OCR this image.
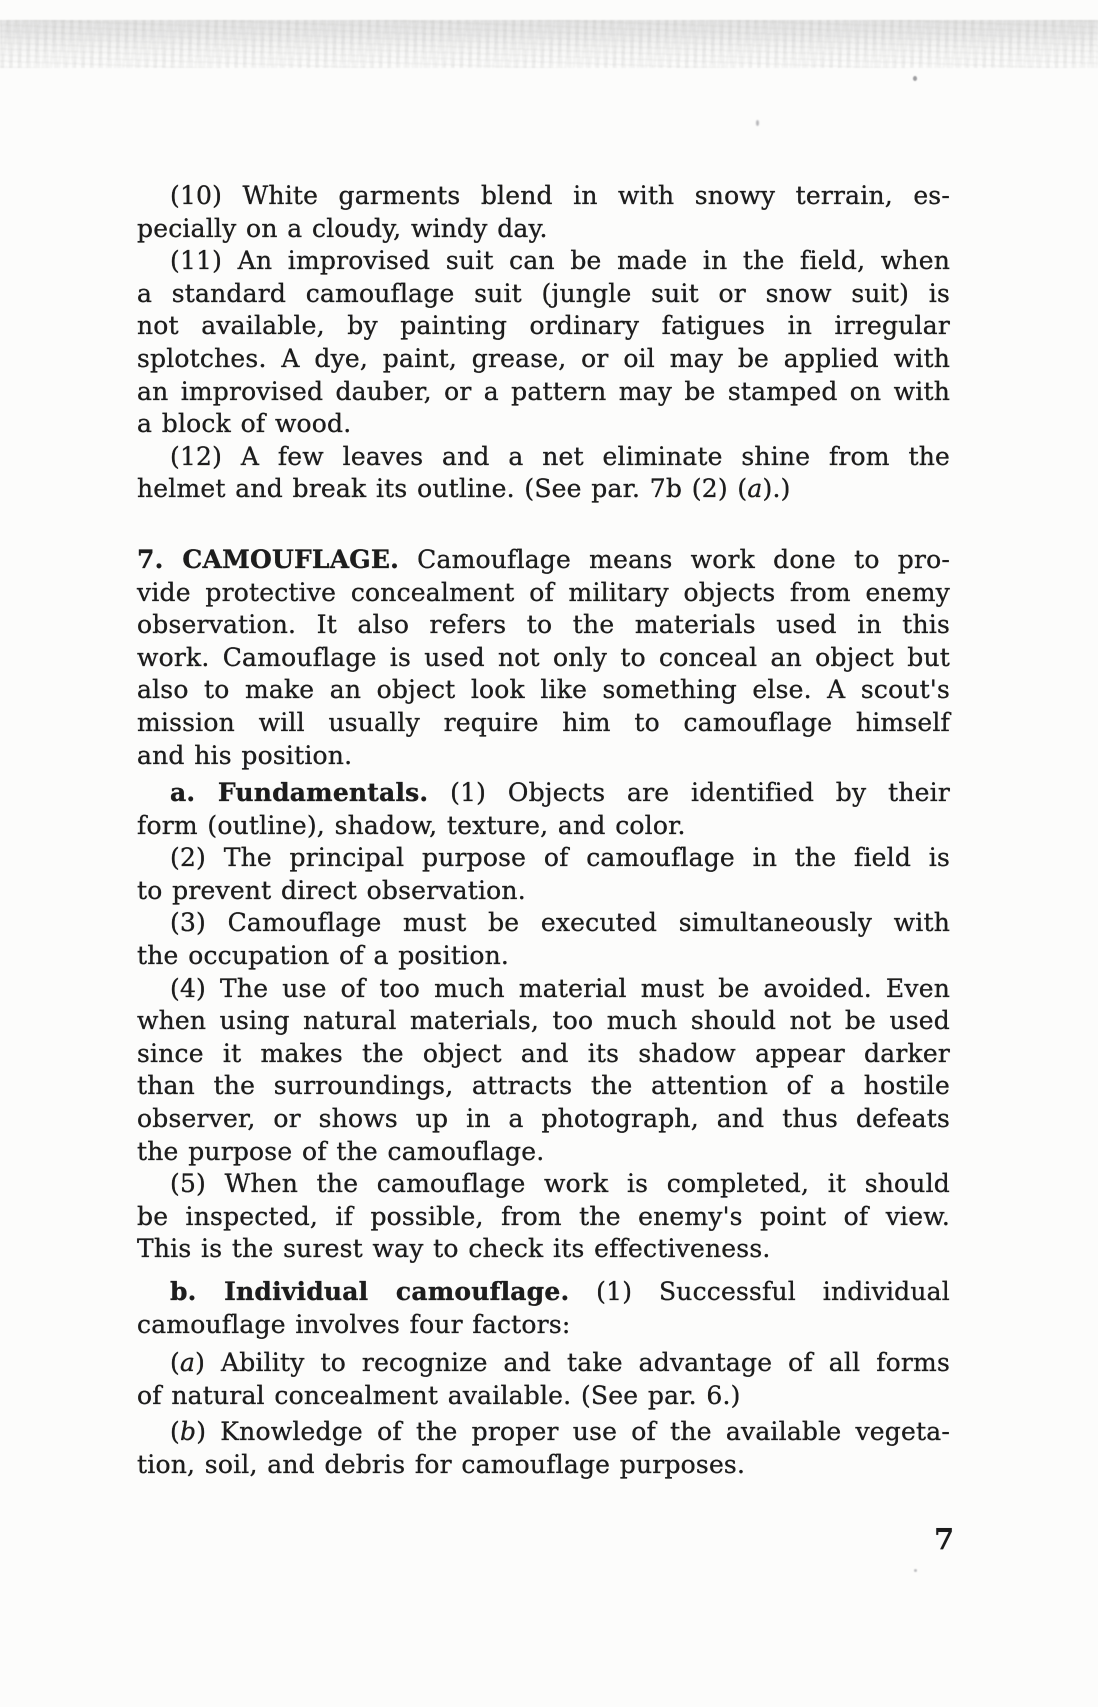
(10) White garments blend in with snowy terrain, es-
pecially on a cloudy, windy day.
(11) An improvised suit can be made in the field, when
a standard camouflage suit (jungle suit or snow suit) is
not available, by painting ordinary fatigues in irregular
splotches. A dye, paint, grease, or oil may be applied with
an improvised dauber, or a pattern may be stamped on with
a block of wood.
(12) A few leaves and a net eliminate shine from the
helmet and break its outline. (See par. 7b (2) (a).)
7. CAMOUFLAGE. Camouflage means work done to pro-
vide protective concealment of military objects from enemy
observation. It also refers to the materials used in this
work. Camouflage is used not only to conceal an object but
also to make an object look like something else. A scout's
mission will usually require him to camouflage himself
and his position.
a. Fundamentals. (1) Objects are identified by their
form (outline), shadow, texture, and color.
(2) The principal purpose of camouflage in the field is
to prevent direct observation.
(3) Camouflage must be executed simultaneously with
the occupation of a position.
(4) The use of too much material must be avoided. Even
when using natural materials, too much should not be used
since it makes the object and its shadow appear darker
than the surroundings, attracts the attention of a hostile
observer, or shows up in a photograph, and thus defeats
the purpose of the camouflage.
(5) When the camouflage work is completed, it should
be inspected, if possible, from the enemy's point of view.
This is the surest way to check its effectiveness.
b. Individual camouflage. (1) Successful individual
camouflage involves four factors:
(a) Ability to recognize and take advantage of all forms
of natural concealment available. (See par. 6.)
(b) Knowledge of the proper use of the available vegeta-
tion, soil, and debris for camouflage purposes.
7
